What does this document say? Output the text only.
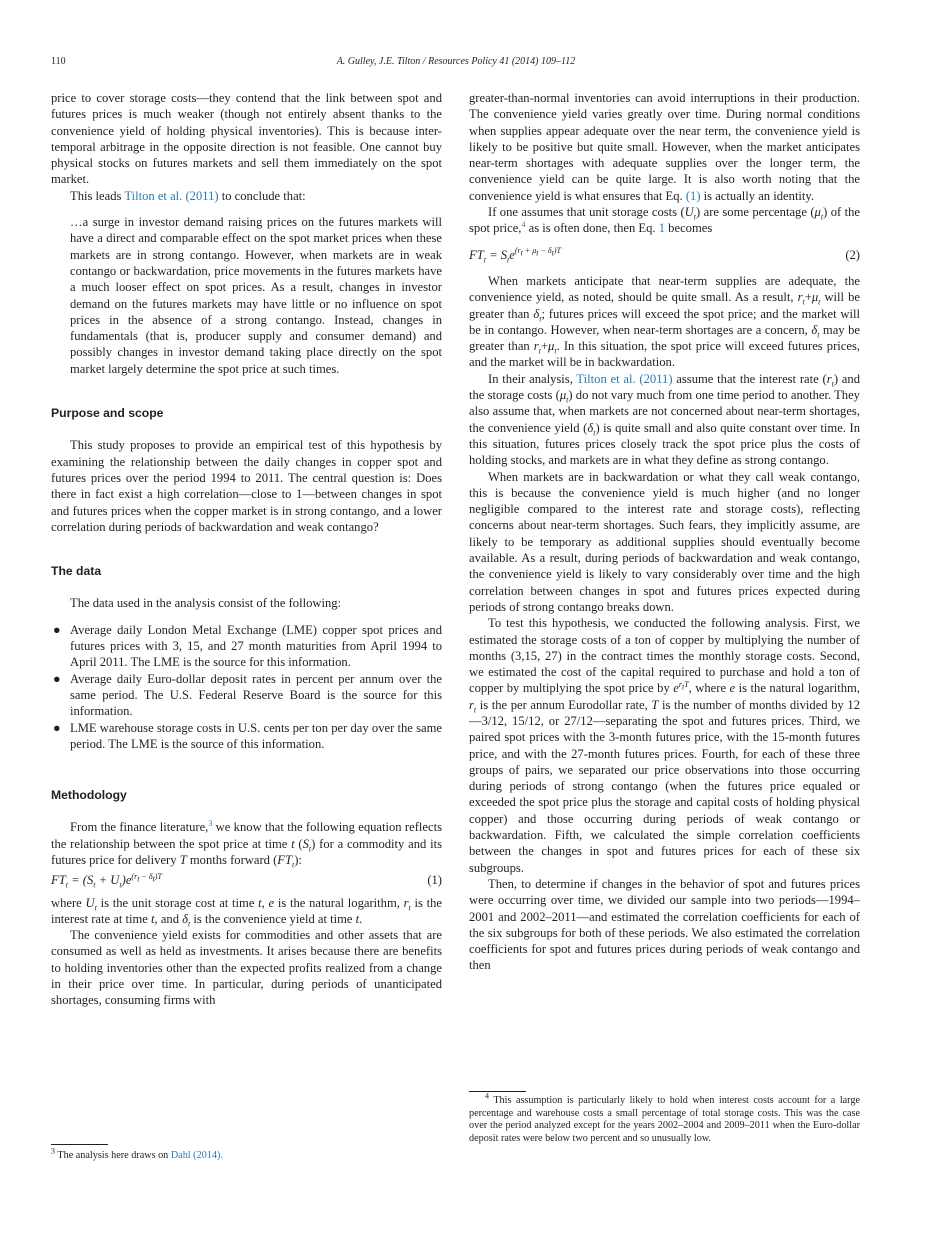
110	A. Gulley, J.E. Tilton / Resources Policy 41 (2014) 109–112

price to cover storage costs—they contend that the link between spot and futures prices is much weaker (though not entirely absent thanks to the convenience yield of holding physical inventories). This is because inter-temporal arbitrage in the opposite direction is not feasible. One cannot buy physical stocks on futures markets and sell them immediately on the spot market.

This leads Tilton et al. (2011) to conclude that:

…a surge in investor demand raising prices on the futures markets will have a direct and comparable effect on the spot market prices when these markets are in strong contango. However, when markets are in weak contango or backwardation, price movements in the futures markets have a much looser effect on spot prices. As a result, changes in investor demand on the futures markets may have little or no influence on spot prices in the absence of a strong contango. Instead, changes in fundamentals (that is, producer supply and consumer demand) and possibly changes in investor demand taking place directly on the spot market largely determine the spot price at such times.

Purpose and scope

This study proposes to provide an empirical test of this hypothesis by examining the relationship between the daily changes in copper spot and futures prices over the period 1994 to 2011. The central question is: Does there in fact exist a high correlation—close to 1—between changes in spot and futures prices when the copper market is in strong contango, and a lower correlation during periods of backwardation and weak contango?

The data

The data used in the analysis consist of the following:

● Average daily London Metal Exchange (LME) copper spot prices and futures prices with 3, 15, and 27 month maturities from April 1994 to April 2011. The LME is the source for this information.
● Average daily Euro-dollar deposit rates in percent per annum over the same period. The U.S. Federal Reserve Board is the source for this information.
● LME warehouse storage costs in U.S. cents per ton per day over the same period. The LME is the source of this information.
Methodology

From the finance literature,$^3$ we know that the following equation reflects the relationship between the spot price at time t $(S_t)$ for a commodity and its futures price for delivery T months forward $(FT_t)$:

$FT_t = (S_t + U_t)e^{(r_t - \delta_t)T}$	(1)

where $U_t$ is the unit storage cost at time t, e is the natural logarithm, $r_t$ is the interest rate at time t, and $\delta_t$ is the convenience yield at time t.

The convenience yield exists for commodities and other assets that are consumed as well as held as investments. It arises because there are benefits to holding inventories other than the expected profits realized from a change in their price over time. In particular, during periods of unanticipated shortages, consuming firms with

$^3$ The analysis here draws on Dahl (2014).

greater-than-normal inventories can avoid interruptions in their production. The convenience yield varies greatly over time. During normal conditions when supplies appear adequate over the near term, the convenience yield is likely to be positive but quite small. However, when the market anticipates near-term shortages with adequate supplies over the longer term, the convenience yield can be quite large. It is also worth noting that the convenience yield is what ensures that Eq. (1) is actually an identity.

If one assumes that unit storage costs $(U_t)$ are some percentage $(\mu_t)$ of the spot price,$^4$ as is often done, then Eq. 1 becomes

$FT_t = S_te^{(r_t + \mu_t - \delta_t)T}$	(2)

When markets anticipate that near-term supplies are adequate, the convenience yield, as noted, should be quite small. As a result, $r_t+\mu_t$ will be greater than $\delta_t$; futures prices will exceed the spot price; and the market will be in contango. However, when near-term shortages are a concern, $\delta_t$ may be greater than $r_t+\mu_t$. In this situation, the spot price will exceed futures prices, and the market will be in backwardation.

In their analysis, Tilton et al. (2011) assume that the interest rate $(r_t)$ and the storage costs $(\mu_t)$ do not vary much from one time period to another. They also assume that, when markets are not concerned about near-term shortages, the convenience yield $(\delta_t)$ is quite small and also quite constant over time. In this situation, futures prices closely track the spot price plus the costs of holding stocks, and markets are in what they define as strong contango.

When markets are in backwardation or what they call weak contango, this is because the convenience yield is much higher (and no longer negligible compared to the interest rate and storage costs), reflecting concerns about near-term shortages. Such fears, they implicitly assume, are likely to be temporary as additional supplies should eventually become available. As a result, during periods of backwardation and weak contango, the convenience yield is likely to vary considerably over time and the high correlation between changes in spot and futures prices expected during periods of strong contango breaks down.

To test this hypothesis, we conducted the following analysis. First, we estimated the storage costs of a ton of copper by multiplying the number of months (3,15, 27) in the contract times the monthly storage costs. Second, we estimated the cost of the capital required to purchase and hold a ton of copper by multiplying the spot price by $e^{r_tT}$, where e is the natural logarithm, $r_t$ is the per annum Eurodollar rate, T is the number of months divided by 12—3/12, 15/12, or 27/12—separating the spot and futures prices. Third, we paired spot prices with the 3-month futures price, with the 15-month futures price, and with the 27-month futures prices. Fourth, for each of these three groups of pairs, we separated our price observations into those occurring during periods of strong contango (when the futures price equaled or exceeded the spot price plus the storage and capital costs of holding physical copper) and those occurring during periods of weak contango or backwardation. Fifth, we calculated the simple correlation coefficients between the changes in spot and futures prices for each of these six subgroups.

Then, to determine if changes in the behavior of spot and futures prices were occurring over time, we divided our sample into two periods—1994–2001 and 2002–2011—and estimated the correlation coefficients for each of the six subgroups for both of these periods. We also estimated the correlation coefficients for spot and futures prices during periods of weak contango and then

$^4$ This assumption is particularly likely to hold when interest costs account for a large percentage and warehouse costs a small percentage of total storage costs. This was the case over the period analyzed except for the years 2002–2004 and 2009–2011 when the Euro-dollar deposit rates were below two percent and so unusually low.
